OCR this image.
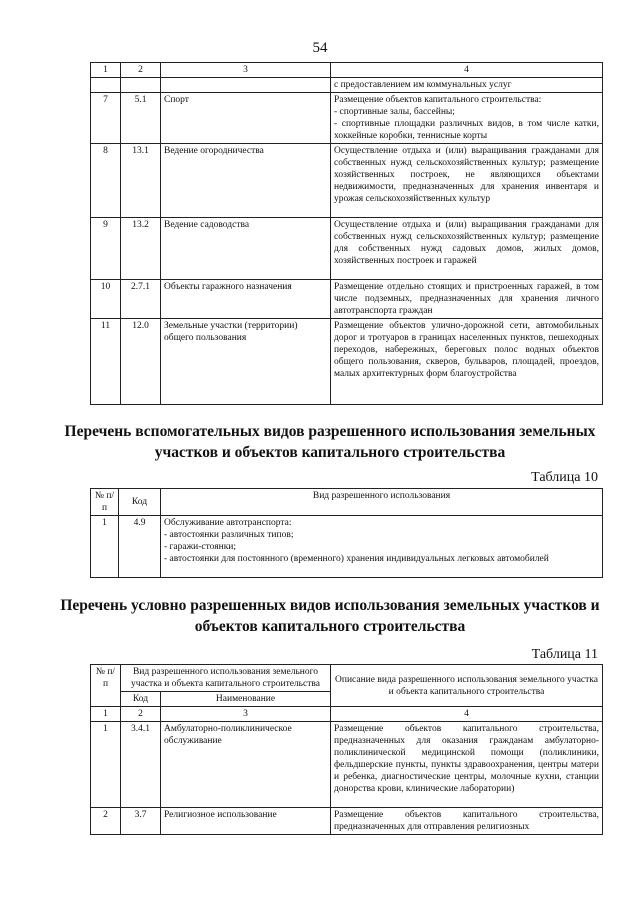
54
1	2	3	4
			с предоставлением им коммунальных услуг
7	5.1	Спорт	Размещение объектов капитального строительства:
- спортивные залы, бассейны;
- спортивные площадки различных видов, в том числе катки, хоккейные коробки, теннисные корты
8	13.1	Ведение огородничества	Осуществление отдыха и (или) выращивания гражданами для собственных нужд сельскохозяйственных культур; размещение хозяйственных построек, не являющихся объектами недвижимости, предназначенных для хранения инвентаря и урожая сельскохозяйственных культур
9	13.2	Ведение садоводства	Осуществление отдыха и (или) выращивания гражданами для собственных нужд сельскохозяйственных культур; размещение для собственных нужд садовых домов, жилых домов, хозяйственных построек и гаражей
10	2.7.1	Объекты гаражного назначения	Размещение отдельно стоящих и пристроенных гаражей, в том числе подземных, предназначенных для хранения личного автотранспорта граждан
11	12.0	Земельные участки (территории) общего пользования	Размещение объектов улично-дорожной сети, автомобильных дорог и тротуаров в границах населенных пунктов, пешеходных переходов, набережных, береговых полос водных объектов общего пользования, скверов, бульваров, площадей, проездов, малых архитектурных форм благоустройства
Перечень вспомогательных видов разрешенного использования земельных участков и объектов капитального строительства
Таблица 10
№ п/п	Код	Вид разрешенного использования
1	4.9	Обслуживание автотранспорта:
- автостоянки различных типов;
- гаражи-стоянки;
- автостоянки для постоянного (временного) хранения индивидуальных легковых автомобилей
Перечень условно разрешенных видов использования земельных участков и объектов капитального строительства
Таблица 11
№ п/п	Вид разрешенного использования земельного участка и объекта капитального строительства		Описание вида разрешенного использования земельного участка и объекта капитального строительства
	Код	Наименование	
1	2	3	4
1	3.4.1	Амбулаторно-поликлиническое обслуживание	Размещение объектов капитального строительства, предназначенных для оказания гражданам амбулаторно-поликлинической медицинской помощи (поликлиники, фельдшерские пункты, пункты здравоохранения, центры матери и ребенка, диагностические центры, молочные кухни, станции донорства крови, клинические лаборатории)
2	3.7	Религиозное использование	Размещение объектов капитального строительства, предназначенных для отправления религиозных
